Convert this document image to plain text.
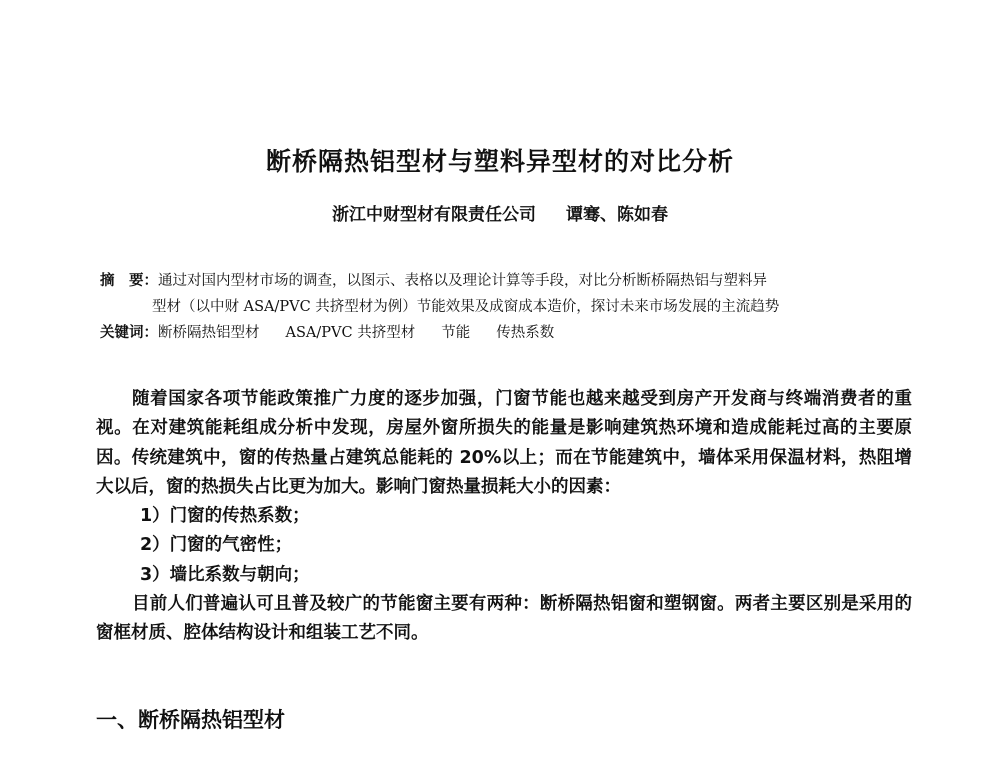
断桥隔热铝型材与塑料异型材的对比分析
浙江中财型材有限责任公司 谭骞、陈如春
摘　要：通过对国内型材市场的调查，以图示、表格以及理论计算等手段，对比分析断桥隔热铝与塑料异
型材（以中财 ASA/PVC 共挤型材为例）节能效果及成窗成本造价，探讨未来市场发展的主流趋势
关键词：断桥隔热铝型材 ASA/PVC 共挤型材 节能 传热系数

随着国家各项节能政策推广力度的逐步加强，门窗节能也越来越受到房产开发商与终端消费者的重视。在对建筑能耗组成分析中发现，房屋外窗所损失的能量是影响建筑热环境和造成能耗过高的主要原因。传统建筑中，窗的传热量占建筑总能耗的 20%以上；而在节能建筑中，墙体采用保温材料，热阻增大以后，窗的热损失占比更为加大。影响门窗热量损耗大小的因素：

1）门窗的传热系数；

2）门窗的气密性；

3）墙比系数与朝向；

目前人们普遍认可且普及较广的节能窗主要有两种：断桥隔热铝窗和塑钢窗。两者主要区别是采用的窗框材质、腔体结构设计和组装工艺不同。

一、断桥隔热铝型材
